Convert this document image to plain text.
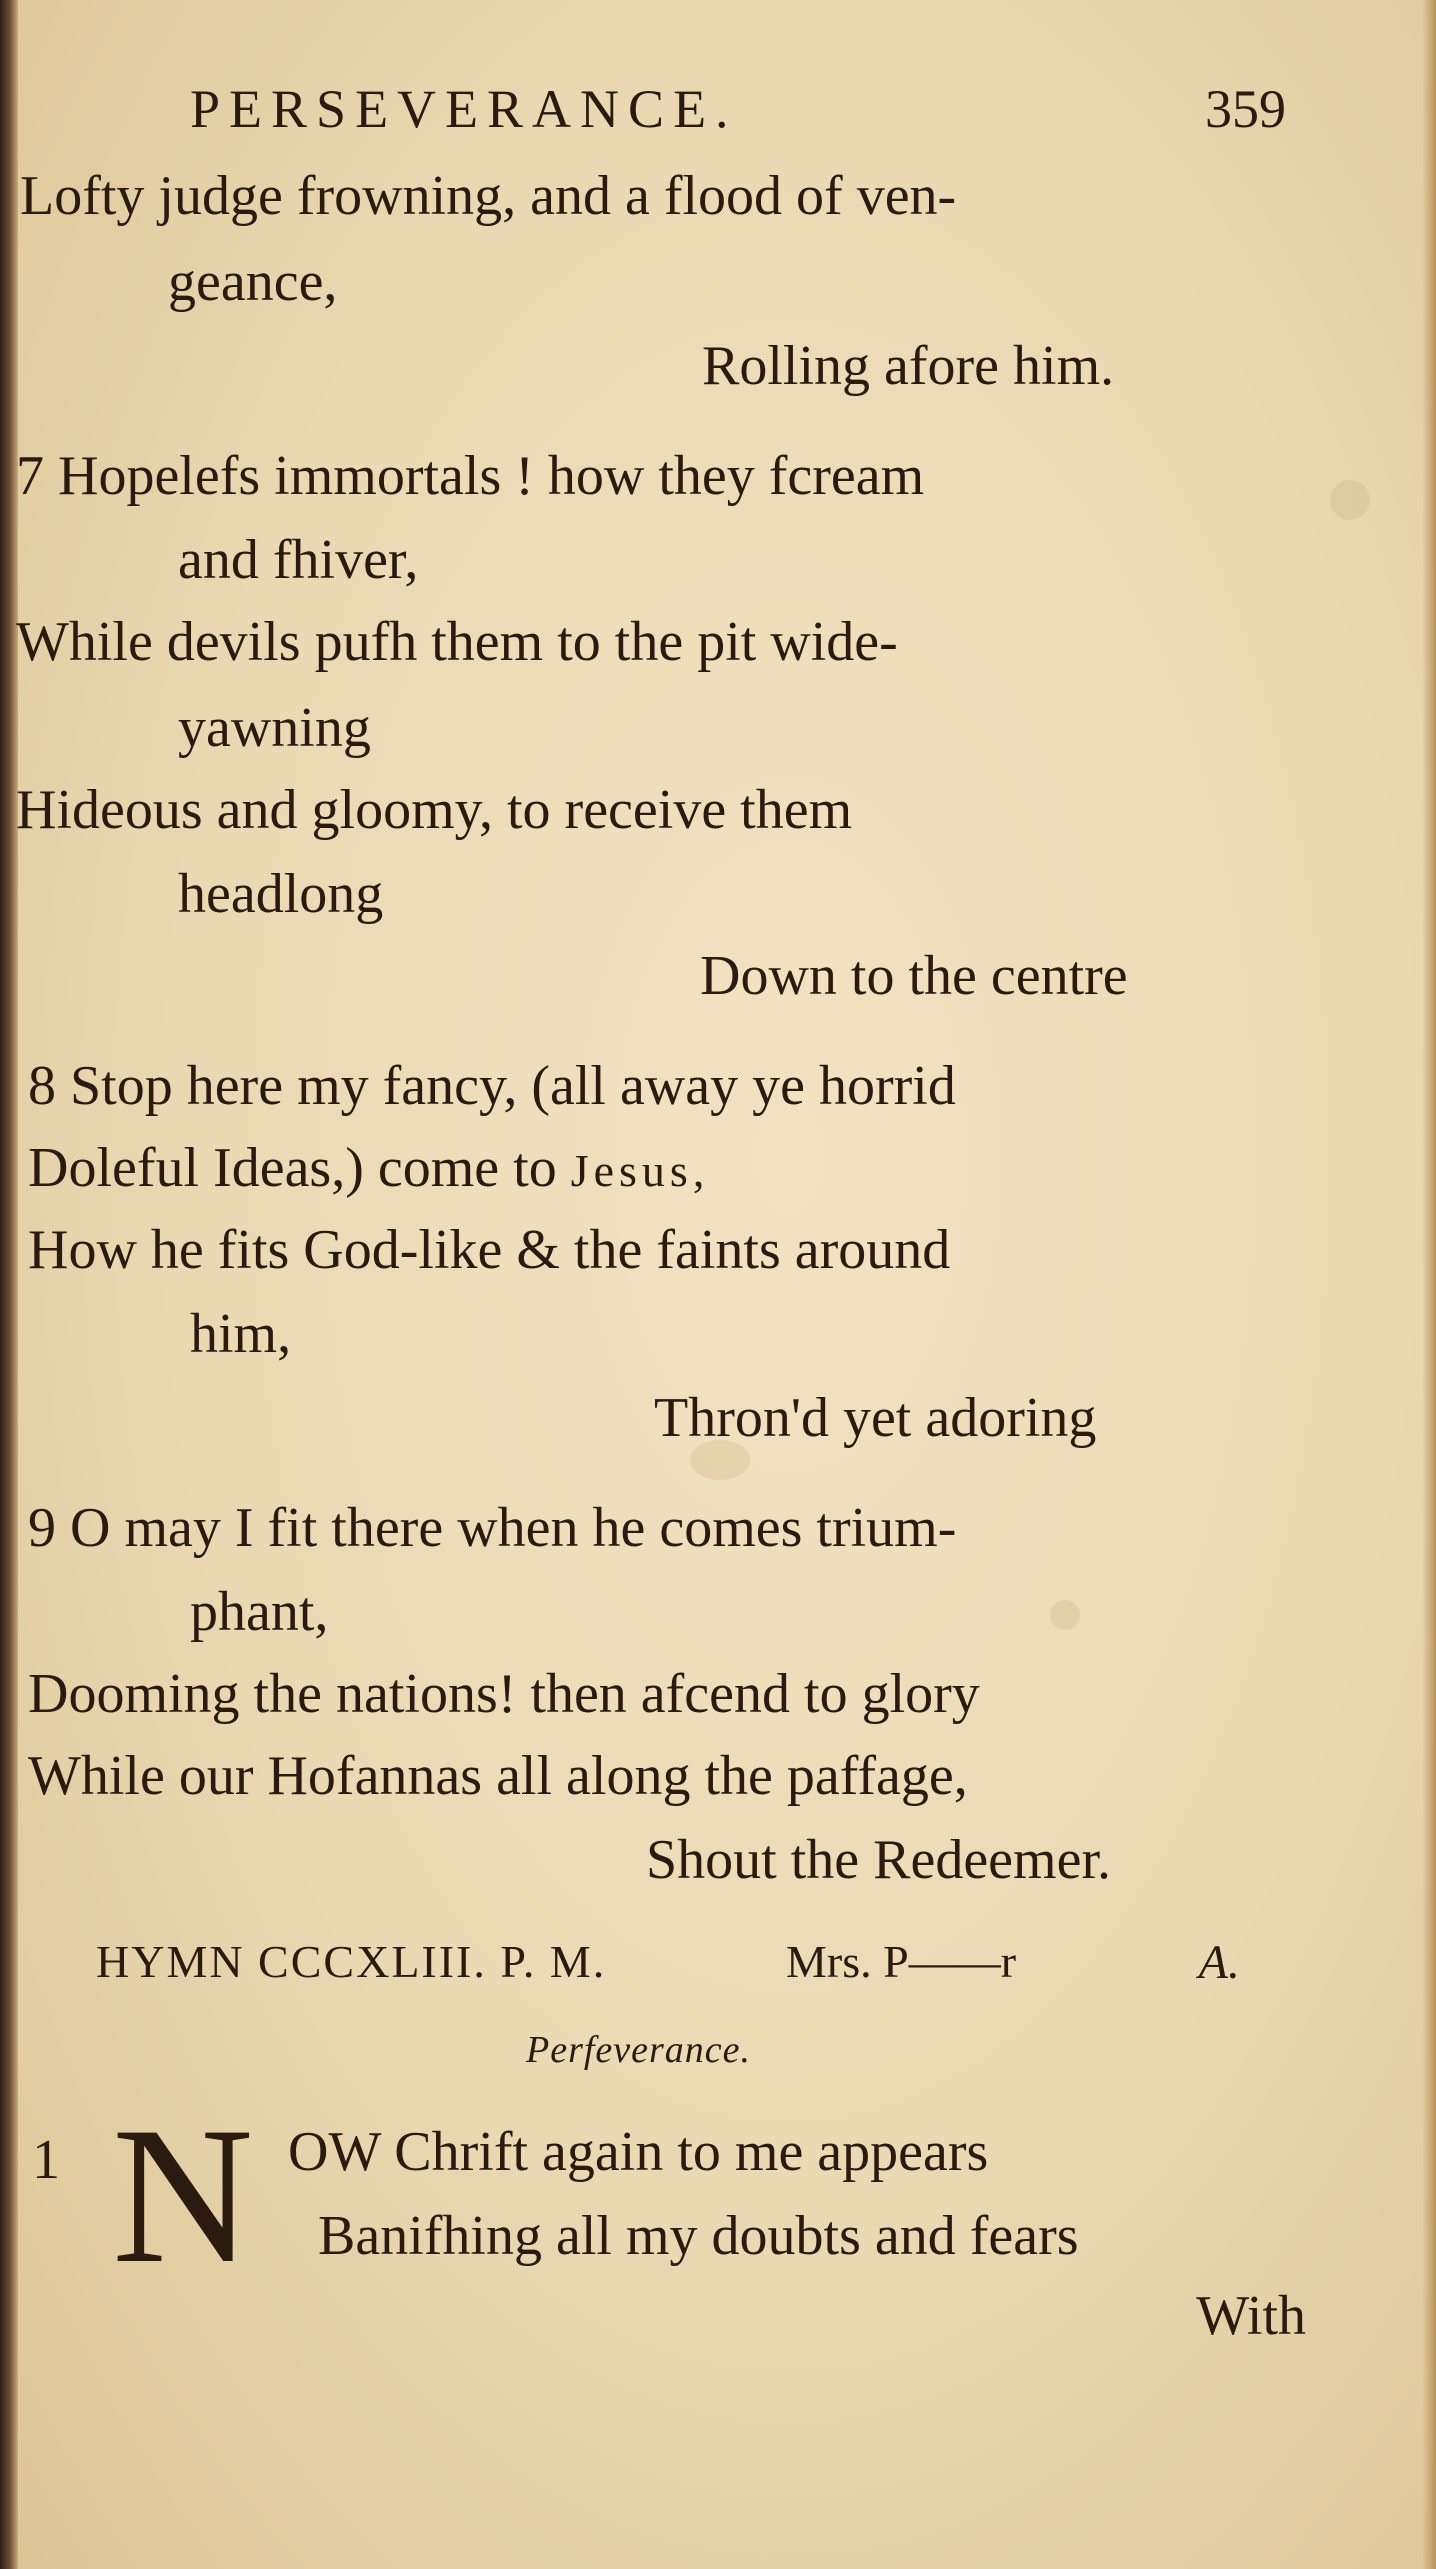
PERSEVERANCE.	359
Lofty judge frowning, and a flood of ven-
geance,
Rolling afore him.
7 Hopelefs immortals ! how they fcream
and fhiver,
While devils pufh them to the pit wide-
yawning
Hideous and gloomy, to receive them
headlong
Down to the centre
8 Stop here my fancy, (all away ye horrid
Doleful Ideas,) come to Jesus,
How he fits God-like & the faints around
him,
Thron'd yet adoring
9 O may I fit there when he comes trium-
phant,
Dooming the nations! then afcend to glory
While our Hofannas all along the paffage,
Shout the Redeemer.
HYMN CCCXLIII. P. M.	Mrs. P——r	A.
Perfeverance.
1 N OW Chrift again to me appears
Banifhing all my doubts and fears
With
